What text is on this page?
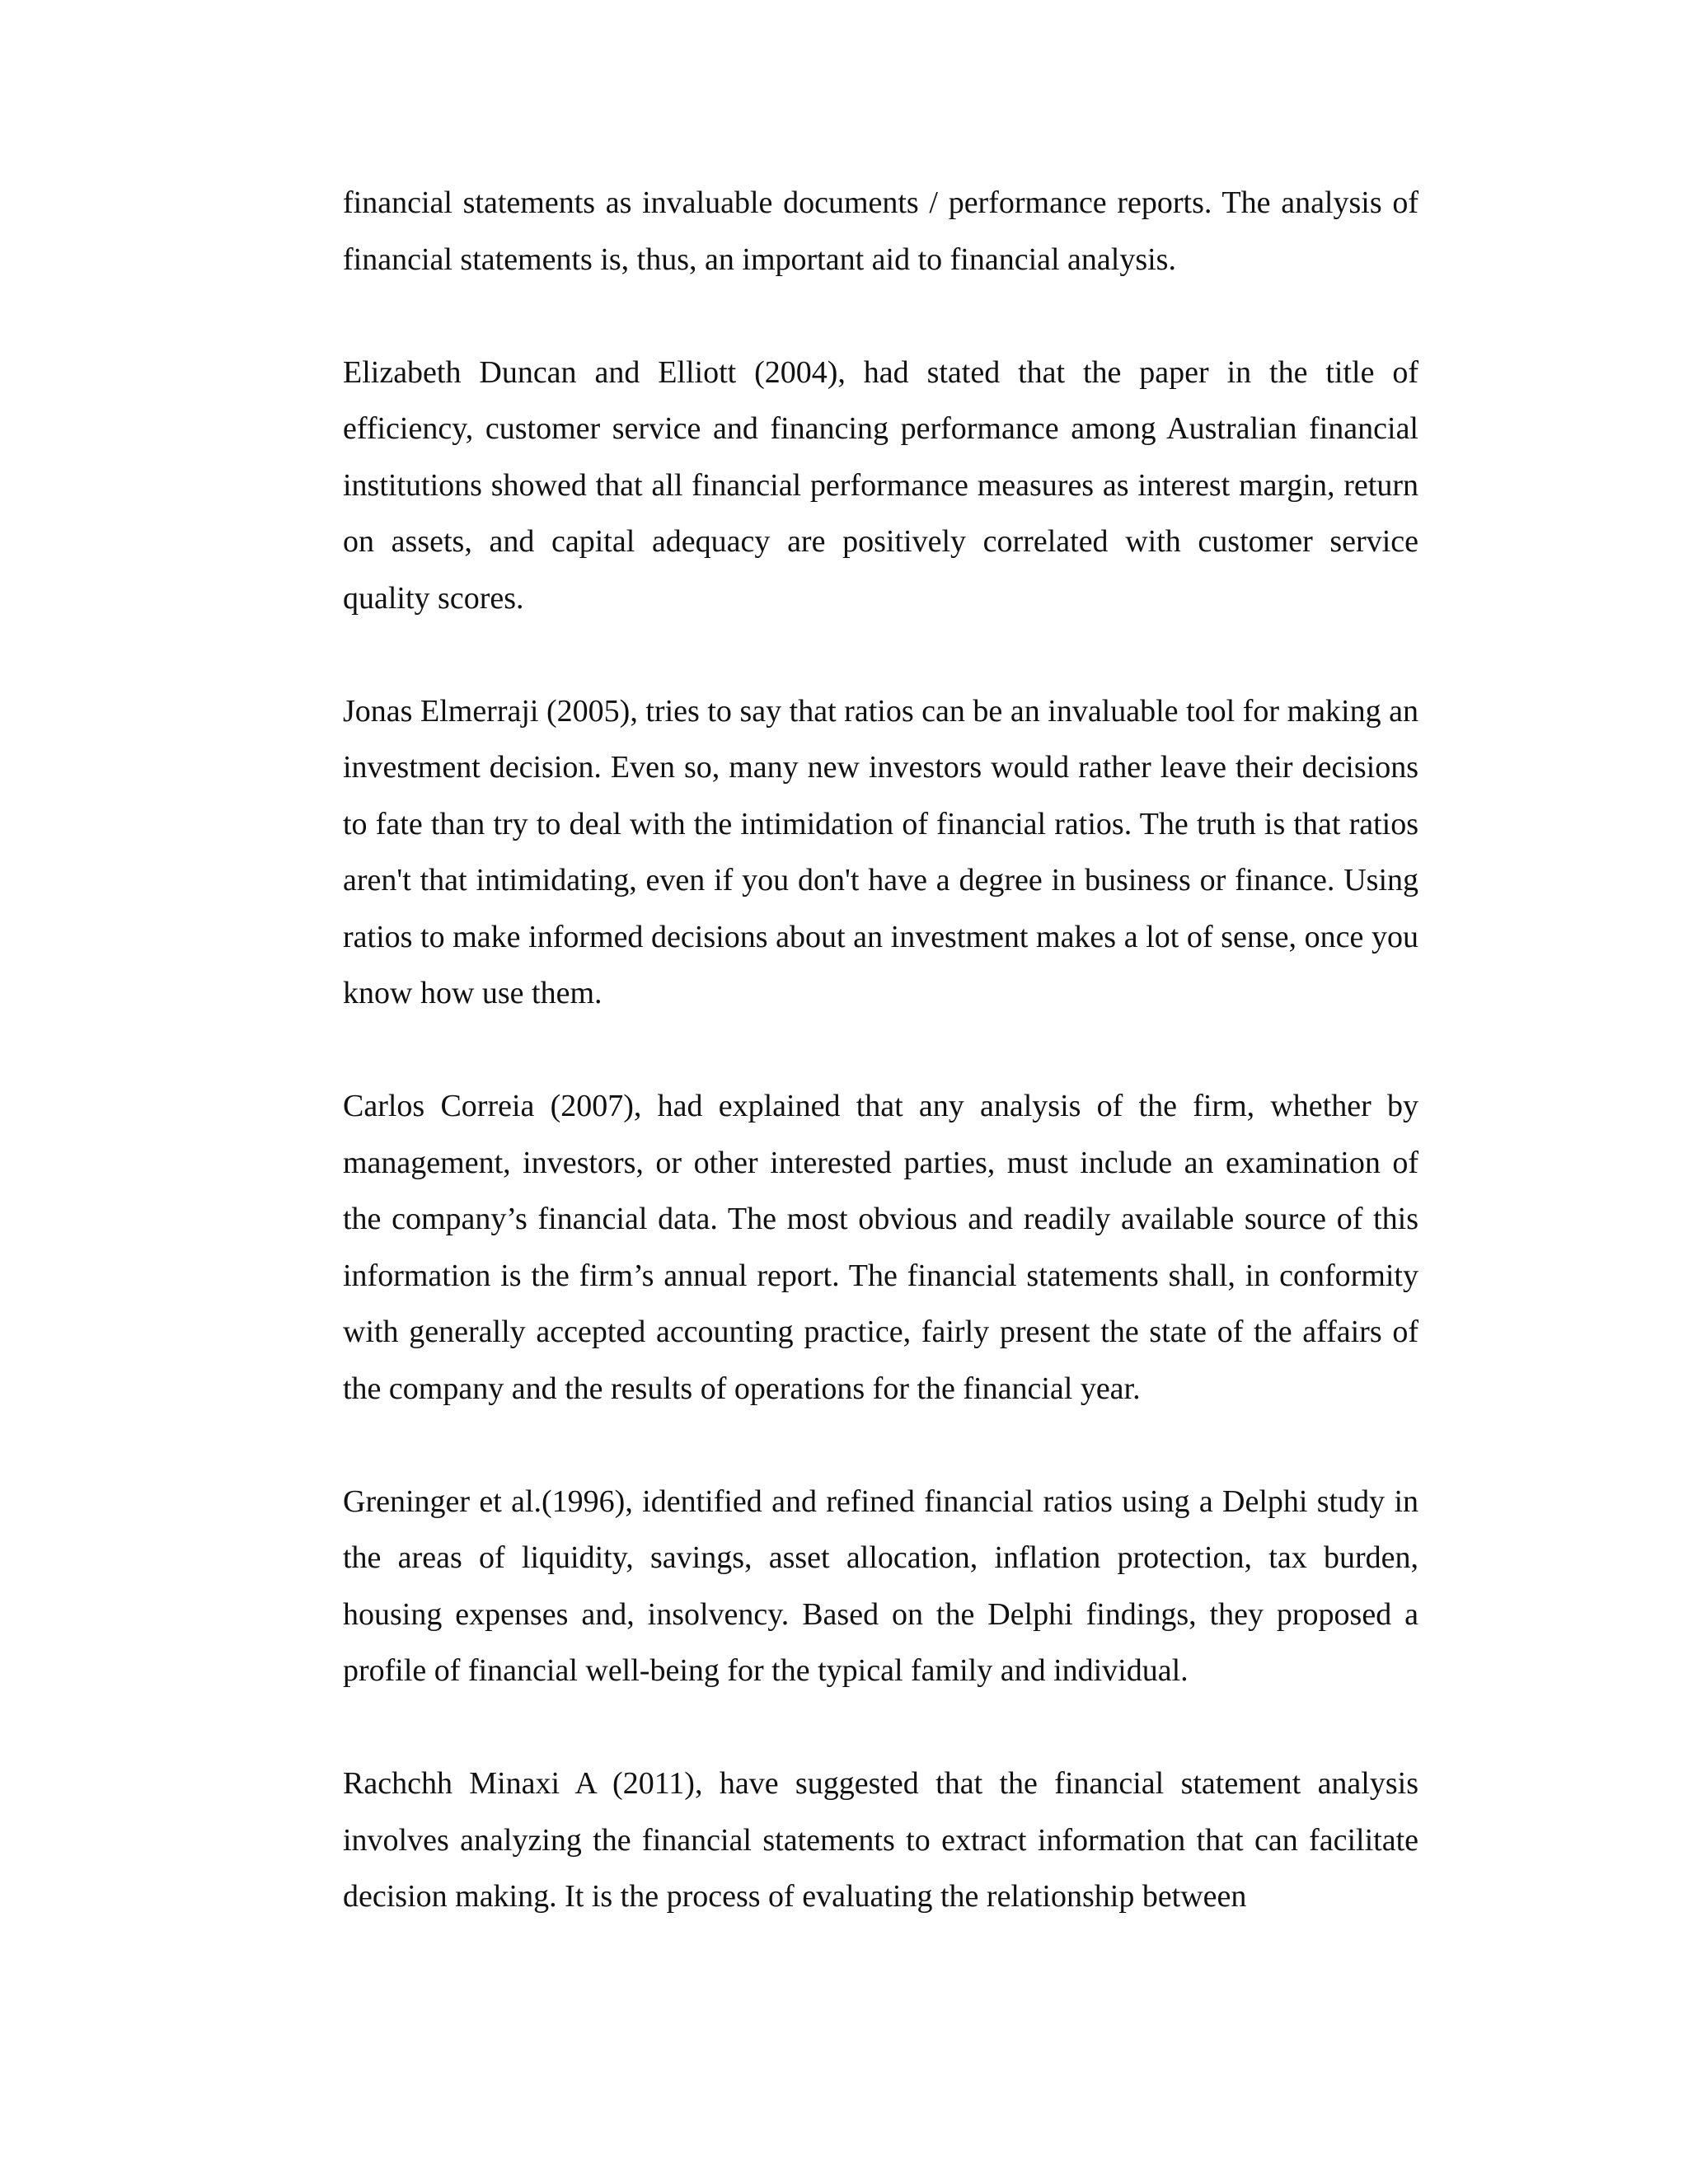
financial statements as invaluable documents / performance reports. The analysis of financial statements is, thus, an important aid to financial analysis.

Elizabeth Duncan and Elliott (2004), had stated that the paper in the title of efficiency, customer service and financing performance among Australian financial institutions showed that all financial performance measures as interest margin, return on assets, and capital adequacy are positively correlated with customer service quality scores.

Jonas Elmerraji (2005), tries to say that ratios can be an invaluable tool for making an investment decision. Even so, many new investors would rather leave their decisions to fate than try to deal with the intimidation of financial ratios. The truth is that ratios aren't that intimidating, even if you don't have a degree in business or finance. Using ratios to make informed decisions about an investment makes a lot of sense, once you know how use them.

Carlos Correia (2007), had explained that any analysis of the firm, whether by management, investors, or other interested parties, must include an examination of the company’s financial data. The most obvious and readily available source of this information is the firm’s annual report. The financial statements shall, in conformity with generally accepted accounting practice, fairly present the state of the affairs of the company and the results of operations for the financial year.

Greninger et al.(1996), identified and refined financial ratios using a Delphi study in the areas of liquidity, savings, asset allocation, inflation protection, tax burden, housing expenses and, insolvency. Based on the Delphi findings, they proposed a profile of financial well-being for the typical family and individual.

Rachchh Minaxi A (2011), have suggested that the financial statement analysis involves analyzing the financial statements to extract information that can facilitate decision making. It is the process of evaluating the relationship between
